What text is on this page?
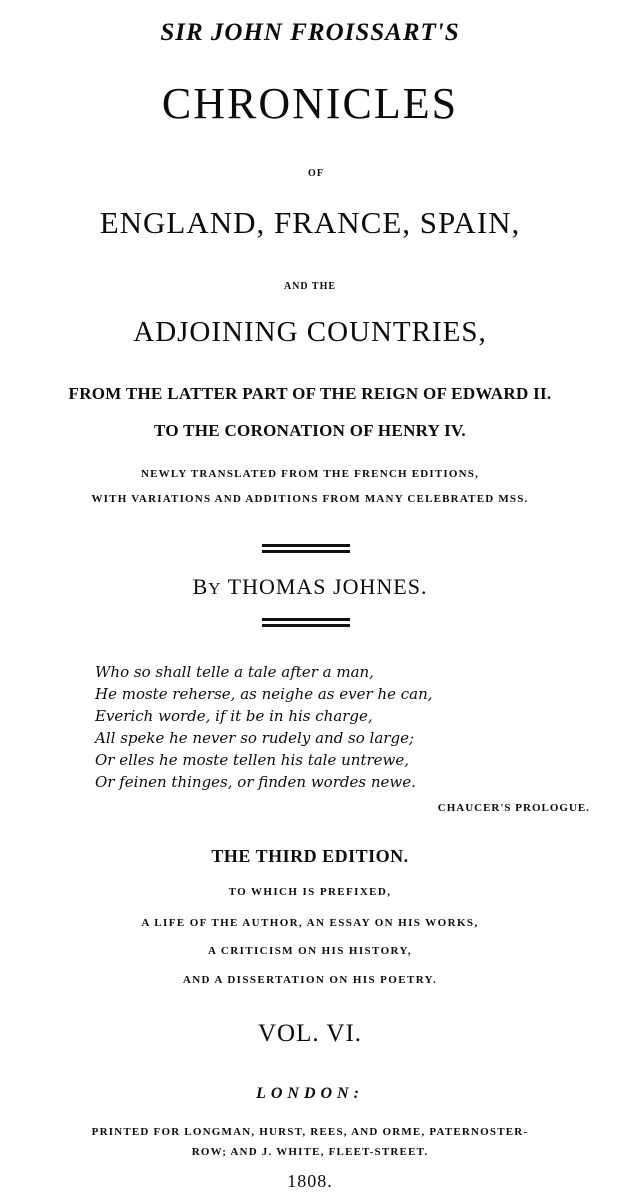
SIR JOHN FROISSART'S
CHRONICLES
OF
ENGLAND, FRANCE, SPAIN,
AND THE
ADJOINING COUNTRIES,
FROM THE LATTER PART OF THE REIGN OF EDWARD II.
TO THE CORONATION OF HENRY IV.
NEWLY TRANSLATED FROM THE FRENCH EDITIONS,
WITH VARIATIONS AND ADDITIONS FROM MANY CELEBRATED MSS.
BY THOMAS JOHNES.
Who so shall telle a tale after a man,
He moste reherse, as neighe as ever he can,
Everich worde, if it be in his charge,
All speke he never so rudely and so large;
Or elles he moste tellen his tale untrewe,
Or feinen thinges, or finden wordes newe.
CHAUCER'S PROLOGUE.
THE THIRD EDITION.
TO WHICH IS PREFIXED,
A LIFE OF THE AUTHOR, AN ESSAY ON HIS WORKS,
A CRITICISM ON HIS HISTORY,
AND A DISSERTATION ON HIS POETRY.
VOL. VI.
LONDON:
PRINTED FOR LONGMAN, HURST, REES, AND ORME, PATERNOSTER-
ROW; AND J. WHITE, FLEET-STREET.
1808.
